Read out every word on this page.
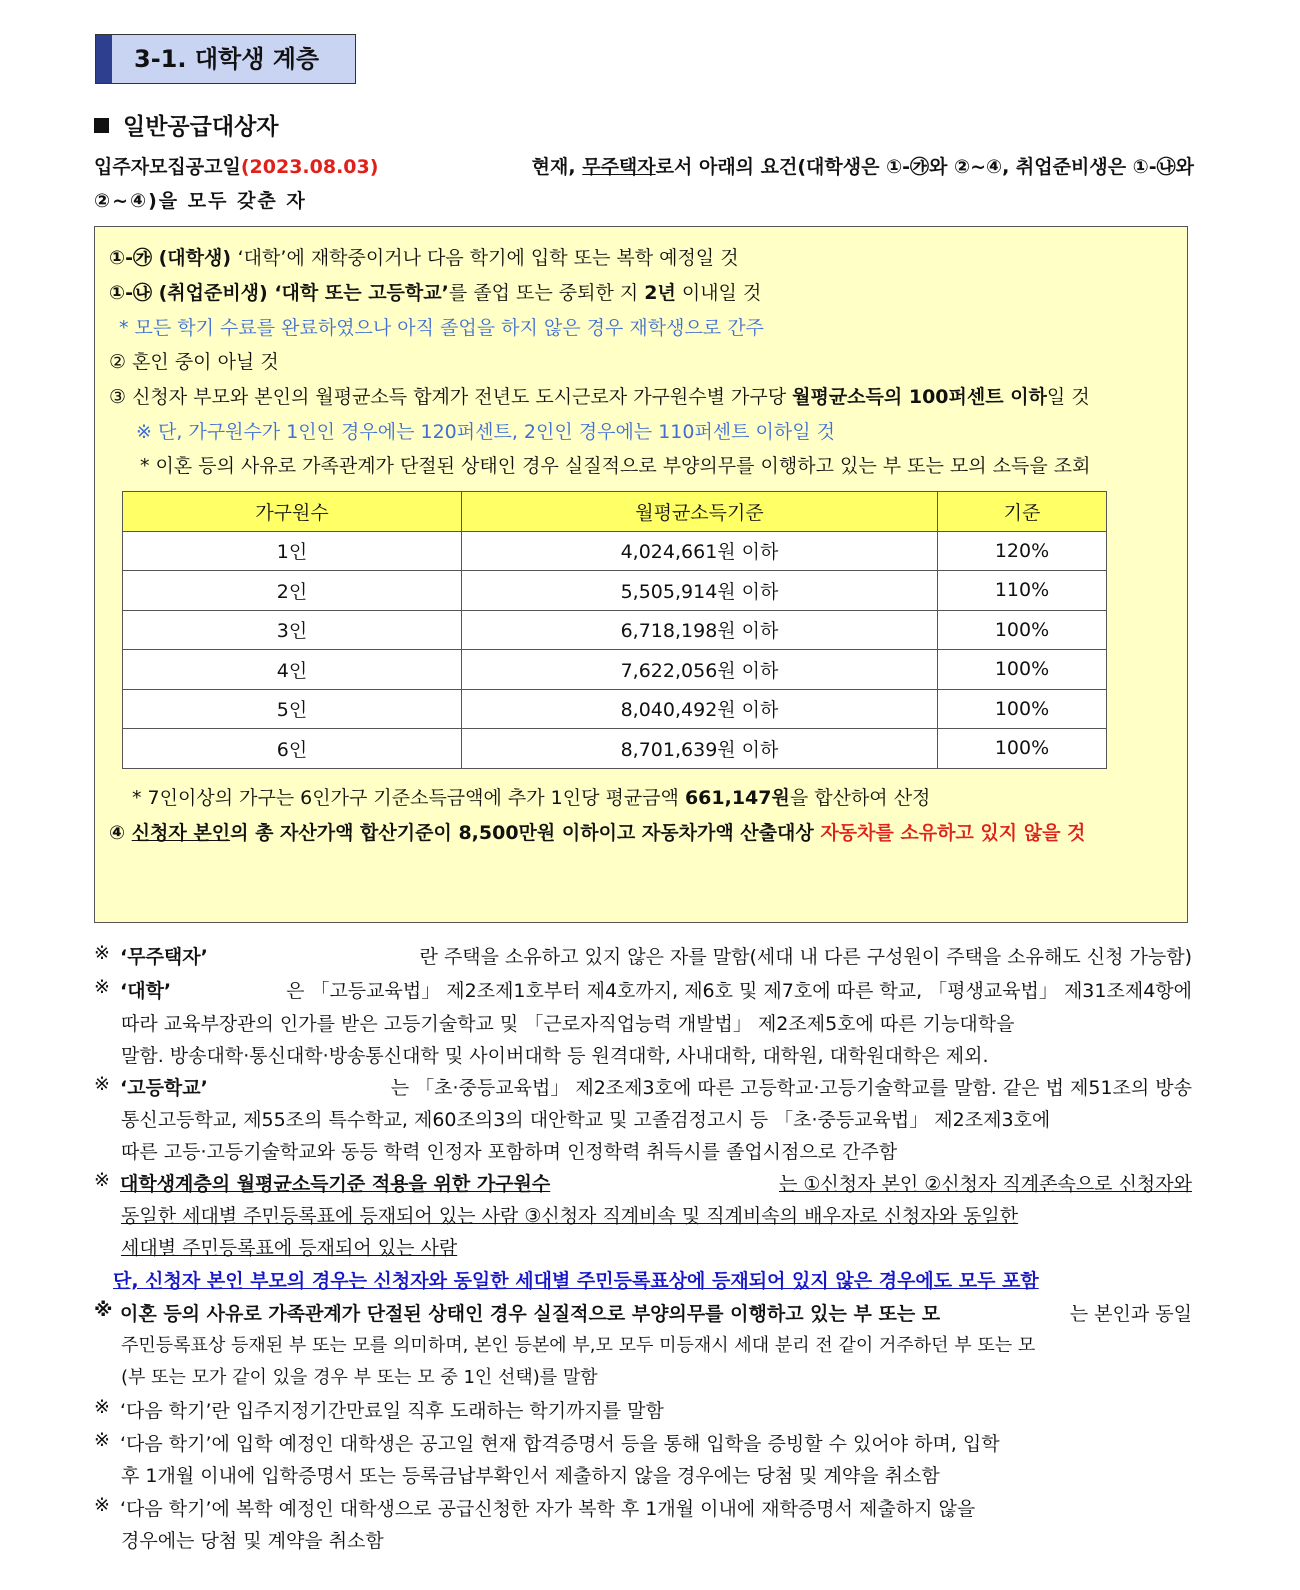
3-1. 대학생 계층
일반공급대상자
입주자모집공고일(2023.08.03)	현재, 무주택자로서 아래의 요건(대학생은 ①-㉮와 ②~④, 취업준비생은 ①-㉯와
②~④)을 모두 갖춘 자
①-㉮ (대학생) ‘대학’에 재학중이거나 다음 학기에 입학 또는 복학 예정일 것
①-㉯ (취업준비생) ‘대학 또는 고등학교’를 졸업 또는 중퇴한 지 2년 이내일 것
* 모든 학기 수료를 완료하였으나 아직 졸업을 하지 않은 경우 재학생으로 간주
② 혼인 중이 아닐 것
③ 신청자 부모와 본인의 월평균소득 합계가 전년도 도시근로자 가구원수별 가구당 월평균소득의 100퍼센트 이하일 것
※ 단, 가구원수가 1인인 경우에는 120퍼센트, 2인인 경우에는 110퍼센트 이하일 것
* 이혼 등의 사유로 가족관계가 단절된 상태인 경우 실질적으로 부양의무를 이행하고 있는 부 또는 모의 소득을 조회
가구원수	월평균소득기준	기준
1인	4,024,661원 이하	120%
2인	5,505,914원 이하	110%
3인	6,718,198원 이하	100%
4인	7,622,056원 이하	100%
5인	8,040,492원 이하	100%
6인	8,701,639원 이하	100%
* 7인이상의 가구는 6인가구 기준소득금액에 추가 1인당 평균금액 661,147원을 합산하여 산정
④ 신청자 본인의 총 자산가액 합산기준이 8,500만원 이하이고 자동차가액 산출대상 자동차를 소유하고 있지 않을 것
※ ‘무주택자’	란 주택을 소유하고 있지 않은 자를 말함(세대 내 다른 구성원이 주택을 소유해도 신청 가능함)
※ ‘대학’	은 「고등교육법」 제2조제1호부터 제4호까지, 제6호 및 제7호에 따른 학교, 「평생교육법」 제31조제4항에
따라 교육부장관의 인가를 받은 고등기술학교 및 「근로자직업능력 개발법」 제2조제5호에 따른 기능대학을
말함. 방송대학·통신대학·방송통신대학 및 사이버대학 등 원격대학, 사내대학, 대학원, 대학원대학은 제외.
※ ‘고등학교’	는 「초·중등교육법」 제2조제3호에 따른 고등학교·고등기술학교를 말함. 같은 법 제51조의 방송
통신고등학교, 제55조의 특수학교, 제60조의3의 대안학교 및 고졸검정고시 등 「초·중등교육법」 제2조제3호에
따른 고등·고등기술학교와 동등 학력 인정자 포함하며 인정학력 취득시를 졸업시점으로 간주함
※ 대학생계층의 월평균소득기준 적용을 위한 가구원수	는 ①신청자 본인 ②신청자 직계존속으로 신청자와
동일한 세대별 주민등록표에 등재되어 있는 사람 ③신청자 직계비속 및 직계비속의 배우자로 신청자와 동일한
세대별 주민등록표에 등재되어 있는 사람
단, 신청자 본인 부모의 경우는 신청자와 동일한 세대별 주민등록표상에 등재되어 있지 않은 경우에도 모두 포함
※ 이혼 등의 사유로 가족관계가 단절된 상태인 경우 실질적으로 부양의무를 이행하고 있는 부 또는 모	는 본인과 동일
주민등록표상 등재된 부 또는 모를 의미하며, 본인 등본에 부,모 모두 미등재시 세대 분리 전 같이 거주하던 부 또는 모
(부 또는 모가 같이 있을 경우 부 또는 모 중 1인 선택)를 말함
※ ‘다음 학기’란 입주지정기간만료일 직후 도래하는 학기까지를 말함
※ ‘다음 학기’에 입학 예정인 대학생은 공고일 현재 합격증명서 등을 통해 입학을 증빙할 수 있어야 하며, 입학
후 1개월 이내에 입학증명서 또는 등록금납부확인서 제출하지 않을 경우에는 당첨 및 계약을 취소함
※ ‘다음 학기’에 복학 예정인 대학생으로 공급신청한 자가 복학 후 1개월 이내에 재학증명서 제출하지 않을
경우에는 당첨 및 계약을 취소함
